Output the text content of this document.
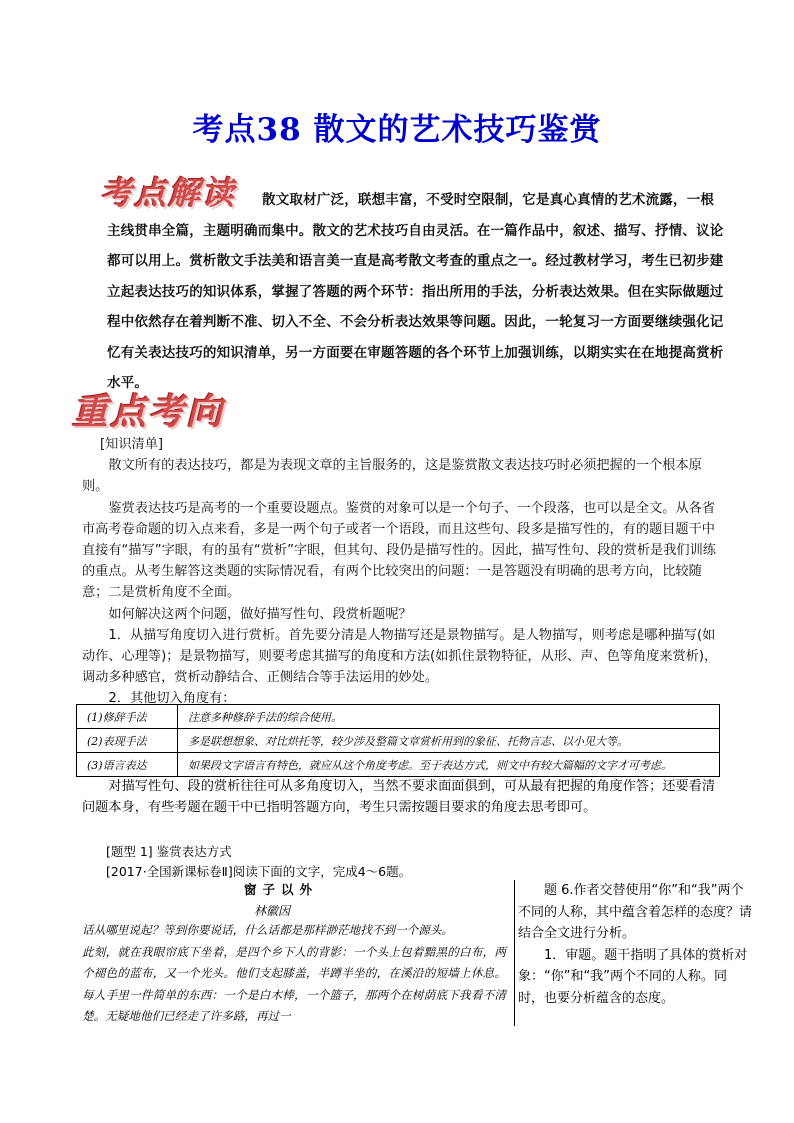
考点38 散文的艺术技巧鉴赏
考点解读	散文取材广泛，联想丰富，不受时空限制，它是真心真情的艺术流露，一根主线贯串全篇，主题明确而集中。散文的艺术技巧自由灵活。在一篇作品中，叙述、描写、抒情、议论都可以用上。赏析散文手法美和语言美一直是高考散文考查的重点之一。经过教材学习，考生已初步建立起表达技巧的知识体系，掌握了答题的两个环节：指出所用的手法，分析表达效果。但在实际做题过程中依然存在着判断不准、切入不全、不会分析表达效果等问题。因此，一轮复习一方面要继续强化记忆有关表达技巧的知识清单，另一方面要在审题答题的各个环节上加强训练，以期实实在在地提高赏析水平。
重点考向

[知识清单]

散文所有的表达技巧，都是为表现文章的主旨服务的，这是鉴赏散文表达技巧时必须把握的一个根本原则。

鉴赏表达技巧是高考的一个重要设题点。鉴赏的对象可以是一个句子、一个段落，也可以是全文。从各省市高考卷命题的切入点来看，多是一两个句子或者一个语段，而且这些句、段多是描写性的，有的题目题干中直接有“描写”字眼，有的虽有“赏析”字眼，但其句、段仍是描写性的。因此，描写性句、段的赏析是我们训练的重点。从考生解答这类题的实际情况看，有两个比较突出的问题：一是答题没有明确的思考方向，比较随意；二是赏析角度不全面。

如何解决这两个问题，做好描写性句、段赏析题呢？

1．从描写角度切入进行赏析。首先要分清是人物描写还是景物描写。是人物描写，则考虑是哪种描写(如动作、心理等)；是景物描写，则要考虑其描写的角度和方法(如抓住景物特征，从形、声、色等角度来赏析)，调动多种感官，赏析动静结合、正侧结合等手法运用的妙处。

2．其他切入角度有：

(1)修辞手法	注意多种修辞手法的综合使用。
(2)表现手法	多是联想想象、对比烘托等，较少涉及整篇文章赏析用到的象征、托物言志、以小见大等。
(3)语言表达	如果段文字语言有特色，就应从这个角度考虑。至于表达方式，则文中有较大篇幅的文字才可考虑。
对描写性句、段的赏析往往可从多角度切入，当然不要求面面俱到，可从最有把握的角度作答；还要看清问题本身，有些考题在题干中已指明答题方向，考生只需按题目要求的角度去思考即可。
[题型 1] 鉴赏表达方式
[2017·全国新课标卷Ⅱ]阅读下面的文字，完成4～6题。
窗子以外
林徽因

话从哪里说起？等到你要说话，什么话都是那样渺茫地找不到一个源头。

此刻，就在我眼帘底下坐着，是四个乡下人的背影：一个头上包着黯黑的白布，两个褪色的蓝布，又一个光头。他们支起膝盖，半蹲半坐的，在溪沿的短墙上休息。每人手里一件简单的东西：一个是白木棒，一个篮子，那两个在树荫底下我看不清楚。无疑地他们已经走了许多路，再过一

题 6.作者交替使用“你”和“我”两个不同的人称，其中蕴含着怎样的态度？请结合全文进行分析。

1．审题。题干指明了具体的赏析对象：“你”和“我”两个不同的人称。同时，也要分析蕴含的态度。
